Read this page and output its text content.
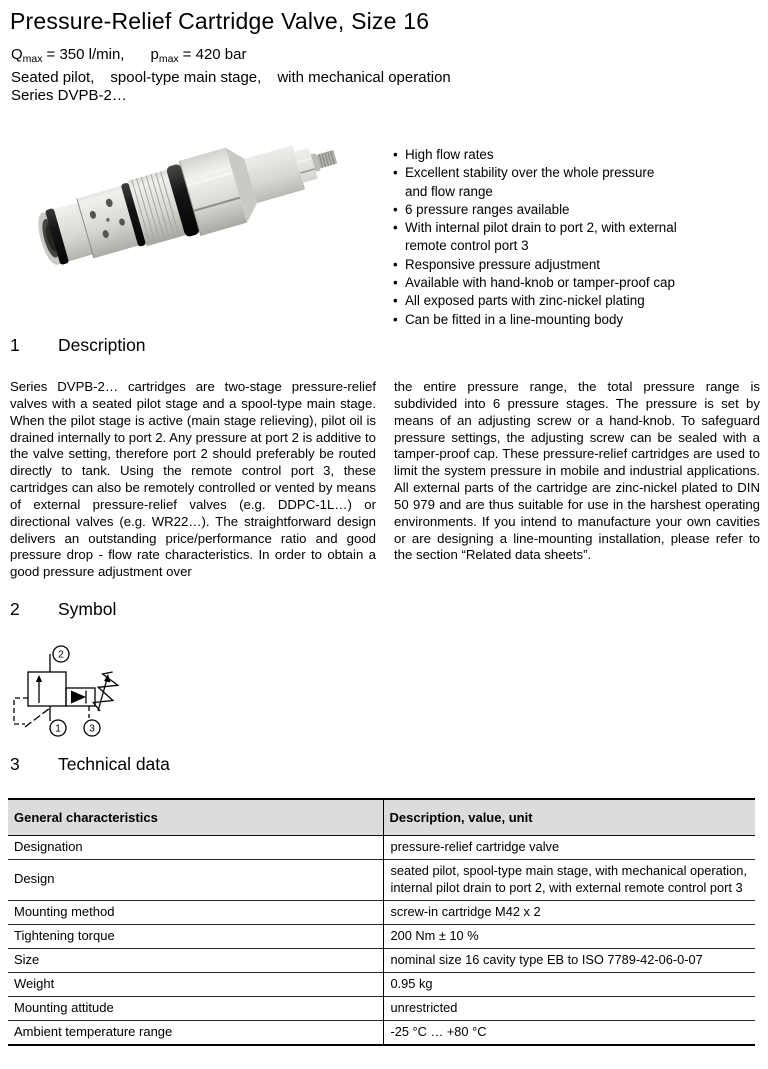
Pressure-Relief Cartridge Valve, Size 16
$Q_{max} = 350$ l/min, $p_{max} = 420$ bar
Seated pilot, spool-type main stage, with mechanical operation
Series DVPB-2…
• High flow rates
• Excellent stability over the whole pressure
and flow range
• 6 pressure ranges available
• With internal pilot drain to port 2, with external
remote control port 3
• Responsive pressure adjustment
• Available with hand-knob or tamper-proof cap
• All exposed parts with zinc-nickel plating
• Can be fitted in a line-mounting body
1	Description
Series DVPB-2… cartridges are two-stage pressure-relief valves with a seated pilot stage and a spool-type main stage. When the pilot stage is active (main stage relieving), pilot oil is drained internally to port 2. Any pressure at port 2 is additive to the valve setting, therefore port 2 should preferably be routed directly to tank. Using the remote control port 3, these cartridges can also be remotely controlled or vented by means of external pressure-relief valves (e.g. DDPC-1L…) or directional valves (e.g. WR22…). The straightforward design delivers an outstanding price/performance ratio and good pressure drop - flow rate characteristics. In order to obtain a good pressure adjustment over
the entire pressure range, the total pressure range is subdivided into 6 pressure stages. The pressure is set by means of an adjusting screw or a hand-knob. To safeguard pressure settings, the adjusting screw can be sealed with a tamper-proof cap. These pressure-relief cartridges are used to limit the system pressure in mobile and industrial applications. All external parts of the cartridge are zinc-nickel plated to DIN 50 979 and are thus suitable for use in the harshest operating environments. If you intend to manufacture your own cavities or are designing a line-mounting installation, please refer to the section “Related data sheets”.
2	Symbol
2
1	3
3	Technical data
General characteristics	Description, value, unit
Designation	pressure-relief cartridge valve
Design	seated pilot, spool-type main stage, with mechanical operation, internal pilot drain to port 2, with external remote control port 3
Mounting method	screw-in cartridge M42 x 2
Tightening torque	200 Nm ± 10 %
Size	nominal size 16 cavity type EB to ISO 7789-42-06-0-07
Weight	0.95 kg
Mounting attitude	unrestricted
Ambient temperature range	-25 °C … +80 °C
